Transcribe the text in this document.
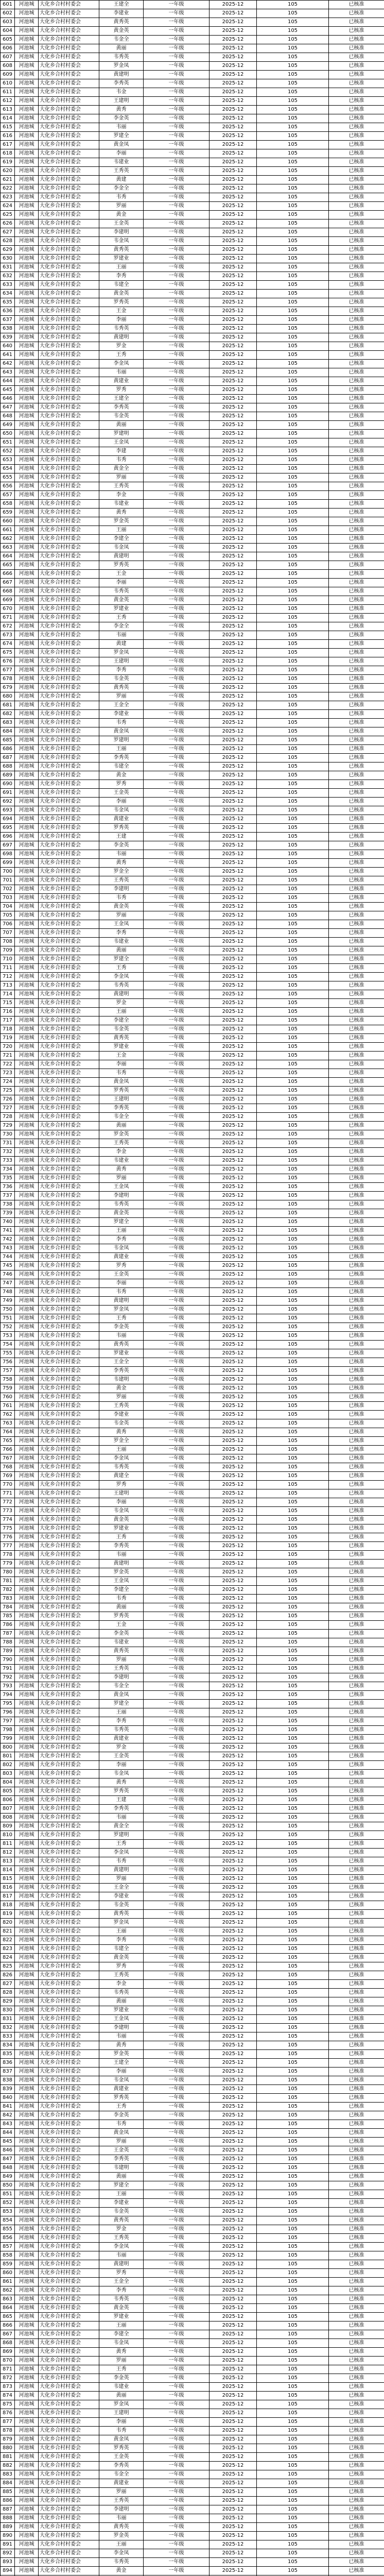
601	河池城	大化乡合村村委会	王建全	一年级	2025-12	105	已核准
602	河池城	大化乡合村村委会	李建业	一年级	2025-12	105	已核准
603	河池城	大化乡合村村委会	黄秀英	一年级	2025-12	105	已核准
604	河池城	大化乡合村村委会	黄金英	一年级	2025-12	105	已核准
605	河池城	大化乡合村村委会	韦金全	一年级	2025-12	105	已核准
606	河池城	大化乡合村村委会	黄丽	一年级	2025-12	105	已核准
607	河池城	大化乡合村村委会	韦秀英	一年级	2025-12	105	已核准
608	河池城	大化乡合村村委会	罗金凤	一年级	2025-12	105	已核准
609	河池城	大化乡合村村委会	黄建明	一年级	2025-12	105	已核准
610	河池城	大化乡合村村委会	李秀英	一年级	2025-12	105	已核准
611	河池城	大化乡合村村委会	韦金	一年级	2025-12	105	已核准
612	河池城	大化乡合村村委会	王建明	一年级	2025-12	105	已核准
613	河池城	大化乡合村村委会	黄秀	一年级	2025-12	105	已核准
614	河池城	大化乡合村村委会	李金英	一年级	2025-12	105	已核准
615	河池城	大化乡合村村委会	韦丽	一年级	2025-12	105	已核准
616	河池城	大化乡合村村委会	罗建全	一年级	2025-12	105	已核准
617	河池城	大化乡合村村委会	黄金凤	一年级	2025-12	105	已核准
618	河池城	大化乡合村村委会	李丽	一年级	2025-12	105	已核准
619	河池城	大化乡合村村委会	韦建业	一年级	2025-12	105	已核准
620	河池城	大化乡合村村委会	王秀英	一年级	2025-12	105	已核准
621	河池城	大化乡合村村委会	黄建	一年级	2025-12	105	已核准
622	河池城	大化乡合村村委会	李金全	一年级	2025-12	105	已核准
623	河池城	大化乡合村村委会	韦秀	一年级	2025-12	105	已核准
624	河池城	大化乡合村村委会	罗丽	一年级	2025-12	105	已核准
625	河池城	大化乡合村村委会	黄金	一年级	2025-12	105	已核准
626	河池城	大化乡合村村委会	王金英	一年级	2025-12	105	已核准
627	河池城	大化乡合村村委会	李建明	一年级	2025-12	105	已核准
628	河池城	大化乡合村村委会	韦金凤	一年级	2025-12	105	已核准
629	河池城	大化乡合村村委会	黄秀英	一年级	2025-12	105	已核准
630	河池城	大化乡合村村委会	罗建业	一年级	2025-12	105	已核准
631	河池城	大化乡合村村委会	王丽	一年级	2025-12	105	已核准
632	河池城	大化乡合村村委会	李秀	一年级	2025-12	105	已核准
633	河池城	大化乡合村村委会	韦建全	一年级	2025-12	105	已核准
634	河池城	大化乡合村村委会	黄金英	一年级	2025-12	105	已核准
635	河池城	大化乡合村村委会	罗秀英	一年级	2025-12	105	已核准
636	河池城	大化乡合村村委会	王金	一年级	2025-12	105	已核准
637	河池城	大化乡合村村委会	李丽	一年级	2025-12	105	已核准
638	河池城	大化乡合村村委会	韦秀英	一年级	2025-12	105	已核准
639	河池城	大化乡合村村委会	黄建明	一年级	2025-12	105	已核准
640	河池城	大化乡合村村委会	罗金	一年级	2025-12	105	已核准
641	河池城	大化乡合村村委会	王秀	一年级	2025-12	105	已核准
642	河池城	大化乡合村村委会	李金凤	一年级	2025-12	105	已核准
643	河池城	大化乡合村村委会	韦丽	一年级	2025-12	105	已核准
644	河池城	大化乡合村村委会	黄建业	一年级	2025-12	105	已核准
645	河池城	大化乡合村村委会	罗秀	一年级	2025-12	105	已核准
646	河池城	大化乡合村村委会	王建全	一年级	2025-12	105	已核准
647	河池城	大化乡合村村委会	李秀英	一年级	2025-12	105	已核准
648	河池城	大化乡合村村委会	韦金英	一年级	2025-12	105	已核准
649	河池城	大化乡合村村委会	黄丽	一年级	2025-12	105	已核准
650	河池城	大化乡合村村委会	罗建明	一年级	2025-12	105	已核准
651	河池城	大化乡合村村委会	王金凤	一年级	2025-12	105	已核准
652	河池城	大化乡合村村委会	李建	一年级	2025-12	105	已核准
653	河池城	大化乡合村村委会	韦秀	一年级	2025-12	105	已核准
654	河池城	大化乡合村村委会	黄金全	一年级	2025-12	105	已核准
655	河池城	大化乡合村村委会	罗丽	一年级	2025-12	105	已核准
656	河池城	大化乡合村村委会	王秀英	一年级	2025-12	105	已核准
657	河池城	大化乡合村村委会	李金	一年级	2025-12	105	已核准
658	河池城	大化乡合村村委会	韦建业	一年级	2025-12	105	已核准
659	河池城	大化乡合村村委会	黄秀	一年级	2025-12	105	已核准
660	河池城	大化乡合村村委会	罗金英	一年级	2025-12	105	已核准
661	河池城	大化乡合村村委会	王丽	一年级	2025-12	105	已核准
662	河池城	大化乡合村村委会	李建全	一年级	2025-12	105	已核准
663	河池城	大化乡合村村委会	韦金凤	一年级	2025-12	105	已核准
664	河池城	大化乡合村村委会	黄建明	一年级	2025-12	105	已核准
665	河池城	大化乡合村村委会	罗秀英	一年级	2025-12	105	已核准
666	河池城	大化乡合村村委会	王金	一年级	2025-12	105	已核准
667	河池城	大化乡合村村委会	李丽	一年级	2025-12	105	已核准
668	河池城	大化乡合村村委会	韦秀英	一年级	2025-12	105	已核准
669	河池城	大化乡合村村委会	黄金英	一年级	2025-12	105	已核准
670	河池城	大化乡合村村委会	罗建业	一年级	2025-12	105	已核准
671	河池城	大化乡合村村委会	王秀	一年级	2025-12	105	已核准
672	河池城	大化乡合村村委会	李金全	一年级	2025-12	105	已核准
673	河池城	大化乡合村村委会	韦丽	一年级	2025-12	105	已核准
674	河池城	大化乡合村村委会	黄建	一年级	2025-12	105	已核准
675	河池城	大化乡合村村委会	罗金凤	一年级	2025-12	105	已核准
676	河池城	大化乡合村村委会	王建明	一年级	2025-12	105	已核准
677	河池城	大化乡合村村委会	李秀	一年级	2025-12	105	已核准
678	河池城	大化乡合村村委会	韦金英	一年级	2025-12	105	已核准
679	河池城	大化乡合村村委会	黄秀英	一年级	2025-12	105	已核准
680	河池城	大化乡合村村委会	罗丽	一年级	2025-12	105	已核准
681	河池城	大化乡合村村委会	王金全	一年级	2025-12	105	已核准
682	河池城	大化乡合村村委会	李建业	一年级	2025-12	105	已核准
683	河池城	大化乡合村村委会	韦秀	一年级	2025-12	105	已核准
684	河池城	大化乡合村村委会	黄金凤	一年级	2025-12	105	已核准
685	河池城	大化乡合村村委会	罗建明	一年级	2025-12	105	已核准
686	河池城	大化乡合村村委会	王丽	一年级	2025-12	105	已核准
687	河池城	大化乡合村村委会	李秀英	一年级	2025-12	105	已核准
688	河池城	大化乡合村村委会	韦建全	一年级	2025-12	105	已核准
689	河池城	大化乡合村村委会	黄金	一年级	2025-12	105	已核准
690	河池城	大化乡合村村委会	罗秀	一年级	2025-12	105	已核准
691	河池城	大化乡合村村委会	王金英	一年级	2025-12	105	已核准
692	河池城	大化乡合村村委会	李丽	一年级	2025-12	105	已核准
693	河池城	大化乡合村村委会	韦金凤	一年级	2025-12	105	已核准
694	河池城	大化乡合村村委会	黄建业	一年级	2025-12	105	已核准
695	河池城	大化乡合村村委会	罗秀英	一年级	2025-12	105	已核准
696	河池城	大化乡合村村委会	王建	一年级	2025-12	105	已核准
697	河池城	大化乡合村村委会	李金英	一年级	2025-12	105	已核准
698	河池城	大化乡合村村委会	韦丽	一年级	2025-12	105	已核准
699	河池城	大化乡合村村委会	黄秀	一年级	2025-12	105	已核准
700	河池城	大化乡合村村委会	罗金全	一年级	2025-12	105	已核准
701	河池城	大化乡合村村委会	王秀英	一年级	2025-12	105	已核准
702	河池城	大化乡合村村委会	李建明	一年级	2025-12	105	已核准
703	河池城	大化乡合村村委会	韦秀	一年级	2025-12	105	已核准
704	河池城	大化乡合村村委会	黄金英	一年级	2025-12	105	已核准
705	河池城	大化乡合村村委会	罗丽	一年级	2025-12	105	已核准
706	河池城	大化乡合村村委会	王金凤	一年级	2025-12	105	已核准
707	河池城	大化乡合村村委会	李秀	一年级	2025-12	105	已核准
708	河池城	大化乡合村村委会	韦建业	一年级	2025-12	105	已核准
709	河池城	大化乡合村村委会	黄丽	一年级	2025-12	105	已核准
710	河池城	大化乡合村村委会	罗建全	一年级	2025-12	105	已核准
711	河池城	大化乡合村村委会	王秀	一年级	2025-12	105	已核准
712	河池城	大化乡合村村委会	李金凤	一年级	2025-12	105	已核准
713	河池城	大化乡合村村委会	韦秀英	一年级	2025-12	105	已核准
714	河池城	大化乡合村村委会	黄建明	一年级	2025-12	105	已核准
715	河池城	大化乡合村村委会	罗金	一年级	2025-12	105	已核准
716	河池城	大化乡合村村委会	王丽	一年级	2025-12	105	已核准
717	河池城	大化乡合村村委会	李建全	一年级	2025-12	105	已核准
718	河池城	大化乡合村村委会	韦金英	一年级	2025-12	105	已核准
719	河池城	大化乡合村村委会	黄秀英	一年级	2025-12	105	已核准
720	河池城	大化乡合村村委会	罗建业	一年级	2025-12	105	已核准
721	河池城	大化乡合村村委会	王金	一年级	2025-12	105	已核准
722	河池城	大化乡合村村委会	李丽	一年级	2025-12	105	已核准
723	河池城	大化乡合村村委会	韦秀	一年级	2025-12	105	已核准
724	河池城	大化乡合村村委会	黄金凤	一年级	2025-12	105	已核准
725	河池城	大化乡合村村委会	罗秀英	一年级	2025-12	105	已核准
726	河池城	大化乡合村村委会	王建明	一年级	2025-12	105	已核准
727	河池城	大化乡合村村委会	李秀英	一年级	2025-12	105	已核准
728	河池城	大化乡合村村委会	韦金全	一年级	2025-12	105	已核准
729	河池城	大化乡合村村委会	黄丽	一年级	2025-12	105	已核准
730	河池城	大化乡合村村委会	罗金英	一年级	2025-12	105	已核准
731	河池城	大化乡合村村委会	王秀英	一年级	2025-12	105	已核准
732	河池城	大化乡合村村委会	李金	一年级	2025-12	105	已核准
733	河池城	大化乡合村村委会	韦建业	一年级	2025-12	105	已核准
734	河池城	大化乡合村村委会	黄秀	一年级	2025-12	105	已核准
735	河池城	大化乡合村村委会	罗丽	一年级	2025-12	105	已核准
736	河池城	大化乡合村村委会	王金凤	一年级	2025-12	105	已核准
737	河池城	大化乡合村村委会	李建明	一年级	2025-12	105	已核准
738	河池城	大化乡合村村委会	韦秀英	一年级	2025-12	105	已核准
739	河池城	大化乡合村村委会	黄金英	一年级	2025-12	105	已核准
740	河池城	大化乡合村村委会	罗建全	一年级	2025-12	105	已核准
741	河池城	大化乡合村村委会	王丽	一年级	2025-12	105	已核准
742	河池城	大化乡合村村委会	李秀	一年级	2025-12	105	已核准
743	河池城	大化乡合村村委会	韦金凤	一年级	2025-12	105	已核准
744	河池城	大化乡合村村委会	黄建业	一年级	2025-12	105	已核准
745	河池城	大化乡合村村委会	罗秀	一年级	2025-12	105	已核准
746	河池城	大化乡合村村委会	王金英	一年级	2025-12	105	已核准
747	河池城	大化乡合村村委会	李丽	一年级	2025-12	105	已核准
748	河池城	大化乡合村村委会	韦秀	一年级	2025-12	105	已核准
749	河池城	大化乡合村村委会	黄建明	一年级	2025-12	105	已核准
750	河池城	大化乡合村村委会	罗金凤	一年级	2025-12	105	已核准
751	河池城	大化乡合村村委会	王秀	一年级	2025-12	105	已核准
752	河池城	大化乡合村村委会	李金英	一年级	2025-12	105	已核准
753	河池城	大化乡合村村委会	韦丽	一年级	2025-12	105	已核准
754	河池城	大化乡合村村委会	黄秀英	一年级	2025-12	105	已核准
755	河池城	大化乡合村村委会	罗建业	一年级	2025-12	105	已核准
756	河池城	大化乡合村村委会	王金全	一年级	2025-12	105	已核准
757	河池城	大化乡合村村委会	李秀英	一年级	2025-12	105	已核准
758	河池城	大化乡合村村委会	韦建明	一年级	2025-12	105	已核准
759	河池城	大化乡合村村委会	黄金	一年级	2025-12	105	已核准
760	河池城	大化乡合村村委会	罗丽	一年级	2025-12	105	已核准
761	河池城	大化乡合村村委会	王秀英	一年级	2025-12	105	已核准
762	河池城	大化乡合村村委会	李建业	一年级	2025-12	105	已核准
763	河池城	大化乡合村村委会	韦金英	一年级	2025-12	105	已核准
764	河池城	大化乡合村村委会	黄秀	一年级	2025-12	105	已核准
765	河池城	大化乡合村村委会	罗金全	一年级	2025-12	105	已核准
766	河池城	大化乡合村村委会	王丽	一年级	2025-12	105	已核准
767	河池城	大化乡合村村委会	李金凤	一年级	2025-12	105	已核准
768	河池城	大化乡合村村委会	韦秀英	一年级	2025-12	105	已核准
769	河池城	大化乡合村村委会	黄建全	一年级	2025-12	105	已核准
770	河池城	大化乡合村村委会	罗秀	一年级	2025-12	105	已核准
771	河池城	大化乡合村村委会	王建明	一年级	2025-12	105	已核准
772	河池城	大化乡合村村委会	李丽	一年级	2025-12	105	已核准
773	河池城	大化乡合村村委会	韦金凤	一年级	2025-12	105	已核准
774	河池城	大化乡合村村委会	黄金英	一年级	2025-12	105	已核准
775	河池城	大化乡合村村委会	罗建业	一年级	2025-12	105	已核准
776	河池城	大化乡合村村委会	王秀	一年级	2025-12	105	已核准
777	河池城	大化乡合村村委会	李秀英	一年级	2025-12	105	已核准
778	河池城	大化乡合村村委会	韦丽	一年级	2025-12	105	已核准
779	河池城	大化乡合村村委会	黄建明	一年级	2025-12	105	已核准
780	河池城	大化乡合村村委会	罗金英	一年级	2025-12	105	已核准
781	河池城	大化乡合村村委会	王金凤	一年级	2025-12	105	已核准
782	河池城	大化乡合村村委会	李建全	一年级	2025-12	105	已核准
783	河池城	大化乡合村村委会	韦秀	一年级	2025-12	105	已核准
784	河池城	大化乡合村村委会	黄丽	一年级	2025-12	105	已核准
785	河池城	大化乡合村村委会	罗秀英	一年级	2025-12	105	已核准
786	河池城	大化乡合村村委会	王金	一年级	2025-12	105	已核准
787	河池城	大化乡合村村委会	李金英	一年级	2025-12	105	已核准
788	河池城	大化乡合村村委会	韦建业	一年级	2025-12	105	已核准
789	河池城	大化乡合村村委会	黄秀英	一年级	2025-12	105	已核准
790	河池城	大化乡合村村委会	罗丽	一年级	2025-12	105	已核准
791	河池城	大化乡合村村委会	王秀英	一年级	2025-12	105	已核准
792	河池城	大化乡合村村委会	李建明	一年级	2025-12	105	已核准
793	河池城	大化乡合村村委会	韦金全	一年级	2025-12	105	已核准
794	河池城	大化乡合村村委会	黄金凤	一年级	2025-12	105	已核准
795	河池城	大化乡合村村委会	罗建全	一年级	2025-12	105	已核准
796	河池城	大化乡合村村委会	王丽	一年级	2025-12	105	已核准
797	河池城	大化乡合村村委会	李秀	一年级	2025-12	105	已核准
798	河池城	大化乡合村村委会	韦秀英	一年级	2025-12	105	已核准
799	河池城	大化乡合村村委会	黄建业	一年级	2025-12	105	已核准
800	河池城	大化乡合村村委会	罗金	一年级	2025-12	105	已核准
801	河池城	大化乡合村村委会	王金英	一年级	2025-12	105	已核准
802	河池城	大化乡合村村委会	李丽	一年级	2025-12	105	已核准
803	河池城	大化乡合村村委会	韦金凤	一年级	2025-12	105	已核准
804	河池城	大化乡合村村委会	黄秀	一年级	2025-12	105	已核准
805	河池城	大化乡合村村委会	罗秀英	一年级	2025-12	105	已核准
806	河池城	大化乡合村村委会	王建	一年级	2025-12	105	已核准
807	河池城	大化乡合村村委会	李秀英	一年级	2025-12	105	已核准
808	河池城	大化乡合村村委会	韦丽	一年级	2025-12	105	已核准
809	河池城	大化乡合村村委会	黄金全	一年级	2025-12	105	已核准
810	河池城	大化乡合村村委会	罗建明	一年级	2025-12	105	已核准
811	河池城	大化乡合村村委会	王秀	一年级	2025-12	105	已核准
812	河池城	大化乡合村村委会	李金凤	一年级	2025-12	105	已核准
813	河池城	大化乡合村村委会	韦秀	一年级	2025-12	105	已核准
814	河池城	大化乡合村村委会	黄建明	一年级	2025-12	105	已核准
815	河池城	大化乡合村村委会	罗丽	一年级	2025-12	105	已核准
816	河池城	大化乡合村村委会	王金全	一年级	2025-12	105	已核准
817	河池城	大化乡合村村委会	李建业	一年级	2025-12	105	已核准
818	河池城	大化乡合村村委会	韦金英	一年级	2025-12	105	已核准
819	河池城	大化乡合村村委会	黄秀英	一年级	2025-12	105	已核准
820	河池城	大化乡合村村委会	罗金凤	一年级	2025-12	105	已核准
821	河池城	大化乡合村村委会	王丽	一年级	2025-12	105	已核准
822	河池城	大化乡合村村委会	李秀	一年级	2025-12	105	已核准
823	河池城	大化乡合村村委会	韦建全	一年级	2025-12	105	已核准
824	河池城	大化乡合村村委会	黄金英	一年级	2025-12	105	已核准
825	河池城	大化乡合村村委会	罗秀	一年级	2025-12	105	已核准
826	河池城	大化乡合村村委会	王秀英	一年级	2025-12	105	已核准
827	河池城	大化乡合村村委会	李金	一年级	2025-12	105	已核准
828	河池城	大化乡合村村委会	韦秀英	一年级	2025-12	105	已核准
829	河池城	大化乡合村村委会	黄丽	一年级	2025-12	105	已核准
830	河池城	大化乡合村村委会	罗建业	一年级	2025-12	105	已核准
831	河池城	大化乡合村村委会	王金凤	一年级	2025-12	105	已核准
832	河池城	大化乡合村村委会	李建明	一年级	2025-12	105	已核准
833	河池城	大化乡合村村委会	韦丽	一年级	2025-12	105	已核准
834	河池城	大化乡合村村委会	黄秀	一年级	2025-12	105	已核准
835	河池城	大化乡合村村委会	罗金英	一年级	2025-12	105	已核准
836	河池城	大化乡合村村委会	王建全	一年级	2025-12	105	已核准
837	河池城	大化乡合村村委会	李丽	一年级	2025-12	105	已核准
838	河池城	大化乡合村村委会	韦金凤	一年级	2025-12	105	已核准
839	河池城	大化乡合村村委会	黄建业	一年级	2025-12	105	已核准
840	河池城	大化乡合村村委会	罗秀英	一年级	2025-12	105	已核准
841	河池城	大化乡合村村委会	王秀	一年级	2025-12	105	已核准
842	河池城	大化乡合村村委会	李金英	一年级	2025-12	105	已核准
843	河池城	大化乡合村村委会	韦秀	一年级	2025-12	105	已核准
844	河池城	大化乡合村村委会	黄金凤	一年级	2025-12	105	已核准
845	河池城	大化乡合村村委会	罗丽	一年级	2025-12	105	已核准
846	河池城	大化乡合村村委会	王金英	一年级	2025-12	105	已核准
847	河池城	大化乡合村村委会	李秀英	一年级	2025-12	105	已核准
848	河池城	大化乡合村村委会	韦建明	一年级	2025-12	105	已核准
849	河池城	大化乡合村村委会	黄丽	一年级	2025-12	105	已核准
850	河池城	大化乡合村村委会	罗建全	一年级	2025-12	105	已核准
851	河池城	大化乡合村村委会	王丽	一年级	2025-12	105	已核准
852	河池城	大化乡合村村委会	李建业	一年级	2025-12	105	已核准
853	河池城	大化乡合村村委会	韦金英	一年级	2025-12	105	已核准
854	河池城	大化乡合村村委会	黄秀英	一年级	2025-12	105	已核准
855	河池城	大化乡合村村委会	罗金	一年级	2025-12	105	已核准
856	河池城	大化乡合村村委会	王秀英	一年级	2025-12	105	已核准
857	河池城	大化乡合村村委会	李金凤	一年级	2025-12	105	已核准
858	河池城	大化乡合村村委会	韦丽	一年级	2025-12	105	已核准
859	河池城	大化乡合村村委会	黄建明	一年级	2025-12	105	已核准
860	河池城	大化乡合村村委会	罗秀	一年级	2025-12	105	已核准
861	河池城	大化乡合村村委会	王金全	一年级	2025-12	105	已核准
862	河池城	大化乡合村村委会	李秀	一年级	2025-12	105	已核准
863	河池城	大化乡合村村委会	韦秀英	一年级	2025-12	105	已核准
864	河池城	大化乡合村村委会	黄金英	一年级	2025-12	105	已核准
865	河池城	大化乡合村村委会	罗建业	一年级	2025-12	105	已核准
866	河池城	大化乡合村村委会	王丽	一年级	2025-12	105	已核准
867	河池城	大化乡合村村委会	李建全	一年级	2025-12	105	已核准
868	河池城	大化乡合村村委会	韦金凤	一年级	2025-12	105	已核准
869	河池城	大化乡合村村委会	黄秀	一年级	2025-12	105	已核准
870	河池城	大化乡合村村委会	罗丽	一年级	2025-12	105	已核准
871	河池城	大化乡合村村委会	王秀	一年级	2025-12	105	已核准
872	河池城	大化乡合村村委会	李金英	一年级	2025-12	105	已核准
873	河池城	大化乡合村村委会	韦建业	一年级	2025-12	105	已核准
874	河池城	大化乡合村村委会	黄丽	一年级	2025-12	105	已核准
875	河池城	大化乡合村村委会	罗金凤	一年级	2025-12	105	已核准
876	河池城	大化乡合村村委会	王建明	一年级	2025-12	105	已核准
877	河池城	大化乡合村村委会	李丽	一年级	2025-12	105	已核准
878	河池城	大化乡合村村委会	韦秀	一年级	2025-12	105	已核准
879	河池城	大化乡合村村委会	黄金凤	一年级	2025-12	105	已核准
880	河池城	大化乡合村村委会	罗秀英	一年级	2025-12	105	已核准
881	河池城	大化乡合村村委会	王金英	一年级	2025-12	105	已核准
882	河池城	大化乡合村村委会	李秀英	一年级	2025-12	105	已核准
883	河池城	大化乡合村村委会	韦金全	一年级	2025-12	105	已核准
884	河池城	大化乡合村村委会	黄建业	一年级	2025-12	105	已核准
885	河池城	大化乡合村村委会	罗丽	一年级	2025-12	105	已核准
886	河池城	大化乡合村村委会	王秀英	一年级	2025-12	105	已核准
887	河池城	大化乡合村村委会	李建明	一年级	2025-12	105	已核准
888	河池城	大化乡合村村委会	韦丽	一年级	2025-12	105	已核准
889	河池城	大化乡合村村委会	黄秀英	一年级	2025-12	105	已核准
890	河池城	大化乡合村村委会	罗金英	一年级	2025-12	105	已核准
891	河池城	大化乡合村村委会	王丽	一年级	2025-12	105	已核准
892	河池城	大化乡合村村委会	李金凤	一年级	2025-12	105	已核准
893	河池城	大化乡合村村委会	韦秀英	一年级	2025-12	105	已核准
894	河池城	大化乡合村村委会	黄金	一年级	2025-12	105	已核准
